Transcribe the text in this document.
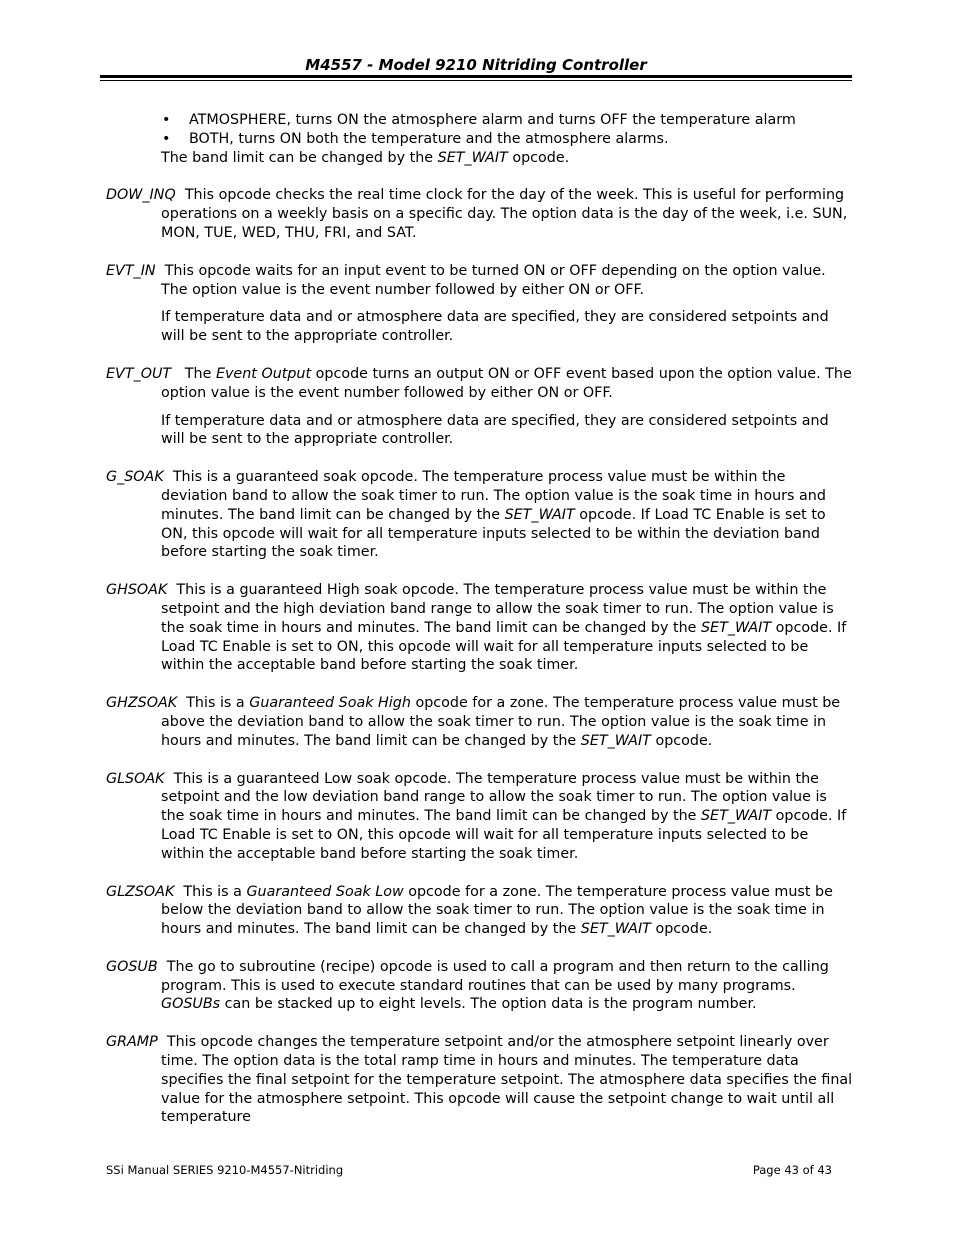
M4557 - Model 9210 Nitriding Controller
• ATMOSPHERE, turns ON the atmosphere alarm and turns OFF the temperature alarm
• BOTH, turns ON both the temperature and the atmosphere alarms.

The band limit can be changed by the SET_WAIT opcode.

DOW_INQ This opcode checks the real time clock for the day of the week. This is useful for performing operations on a weekly basis on a specific day. The option data is the day of the week, i.e. SUN, MON, TUE, WED, THU, FRI, and SAT.

EVT_IN This opcode waits for an input event to be turned ON or OFF depending on the option value. The option value is the event number followed by either ON or OFF.

If temperature data and or atmosphere data are specified, they are considered setpoints and will be sent to the appropriate controller.

EVT_OUT The Event Output opcode turns an output ON or OFF event based upon the option value. The option value is the event number followed by either ON or OFF.

If temperature data and or atmosphere data are specified, they are considered setpoints and will be sent to the appropriate controller.

G_SOAK This is a guaranteed soak opcode. The temperature process value must be within the deviation band to allow the soak timer to run. The option value is the soak time in hours and minutes. The band limit can be changed by the SET_WAIT opcode. If Load TC Enable is set to ON, this opcode will wait for all temperature inputs selected to be within the deviation band before starting the soak timer.

GHSOAK This is a guaranteed High soak opcode. The temperature process value must be within the setpoint and the high deviation band range to allow the soak timer to run. The option value is the soak time in hours and minutes. The band limit can be changed by the SET_WAIT opcode. If Load TC Enable is set to ON, this opcode will wait for all temperature inputs selected to be within the acceptable band before starting the soak timer.

GHZSOAK This is a Guaranteed Soak High opcode for a zone. The temperature process value must be above the deviation band to allow the soak timer to run. The option value is the soak time in hours and minutes. The band limit can be changed by the SET_WAIT opcode.

GLSOAK This is a guaranteed Low soak opcode. The temperature process value must be within the setpoint and the low deviation band range to allow the soak timer to run. The option value is the soak time in hours and minutes. The band limit can be changed by the SET_WAIT opcode. If Load TC Enable is set to ON, this opcode will wait for all temperature inputs selected to be within the acceptable band before starting the soak timer.

GLZSOAK This is a Guaranteed Soak Low opcode for a zone. The temperature process value must be below the deviation band to allow the soak timer to run. The option value is the soak time in hours and minutes. The band limit can be changed by the SET_WAIT opcode.

GOSUB The go to subroutine (recipe) opcode is used to call a program and then return to the calling program. This is used to execute standard routines that can be used by many programs. GOSUBs can be stacked up to eight levels. The option data is the program number.

GRAMP This opcode changes the temperature setpoint and/or the atmosphere setpoint linearly over time. The option data is the total ramp time in hours and minutes. The temperature data specifies the final setpoint for the temperature setpoint. The atmosphere data specifies the final value for the atmosphere setpoint. This opcode will cause the setpoint change to wait until all temperature

SSi Manual SERIES 9210-M4557-Nitriding	Page 43 of 43
